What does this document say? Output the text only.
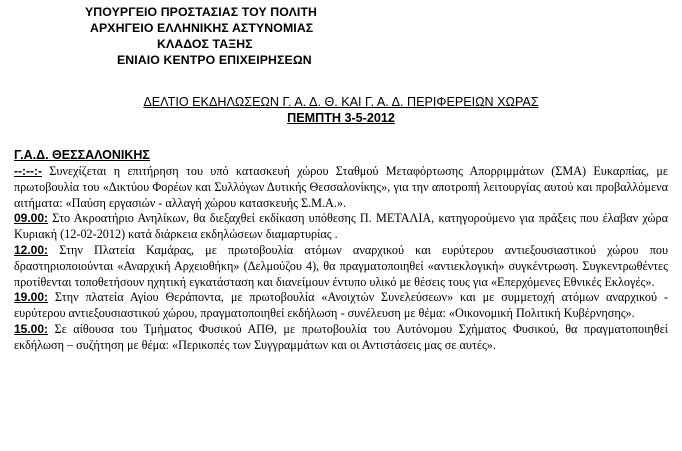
ΥΠΟΥΡΓΕΙΟ ΠΡΟΣΤΑΣΙΑΣ ΤΟΥ ΠΟΛΙΤΗ
ΑΡΧΗΓΕΙΟ ΕΛΛΗΝΙΚΗΣ ΑΣΤΥΝΟΜΙΑΣ
ΚΛΑΔΟΣ ΤΑΞΗΣ
ΕΝΙΑΙΟ ΚΕΝΤΡΟ ΕΠΙΧΕΙΡΗΣΕΩΝ
ΔΕΛΤΙΟ ΕΚΔΗΛΩΣΕΩΝ Γ. Α. Δ. Θ. ΚΑΙ Γ. Α. Δ. ΠΕΡΙΦΕΡΕΙΩΝ ΧΩΡΑΣ
ΠΕΜΠΤΗ 3-5-2012
Γ.Α.Δ. ΘΕΣΣΑΛΟΝΙΚΗΣ

--:--:- Συνεχίζεται η επιτήρηση του υπό κατασκευή χώρου Σταθμού Μεταφόρτωσης Απορριμμάτων (ΣΜΑ) Ευκαρπίας, με πρωτοβουλία του «Δικτύου Φορέων και Συλλόγων Δυτικής Θεσσαλονίκης», για την αποτροπή λειτουργίας αυτού και προβαλλόμενα αιτήματα: «Παύση εργασιών - αλλαγή χώρου κατασκευής Σ.Μ.Α.».

09.00: Στο Ακροατήριο Ανηλίκων, θα διεξαχθεί εκδίκαση υπόθεσης Π. ΜΕΤΑΛΙΑ, κατηγορούμενο για πράξεις που έλαβαν χώρα Κυριακή (12-02-2012) κατά διάρκεια εκδηλώσεων διαμαρτυρίας .

12.00: Στην Πλατεία Καμάρας, με πρωτοβουλία ατόμων αναρχικού και ευρύτερου αντιεξουσιαστικού χώρου που δραστηριοποιούνται «Αναρχική Αρχειοθήκη» (Δελμούζου 4), θα πραγματοποιηθεί «αντιεκλογική» συγκέντρωση. Συγκεντρωθέντες προτίθενται τοποθετήσουν ηχητική εγκατάσταση και διανείμουν έντυπο υλικό με θέσεις τους για «Επερχόμενες Εθνικές Εκλογές».

19.00: Στην πλατεία Αγίου Θεράποντα, με πρωτοβουλία «Ανοιχτών Συνελεύσεων» και με συμμετοχή ατόμων αναρχικού - ευρύτερου αντιεξουσιαστικού χώρου, πραγματοποιηθεί εκδήλωση - συνέλευση με θέμα: «Οικονομική Πολιτική Κυβέρνησης».

15.00: Σε αίθουσα του Τμήματος Φυσικού ΑΠΘ, με πρωτοβουλία του Αυτόνομου Σχήματος Φυσικού, θα πραγματοποιηθεί εκδήλωση – συζήτηση με θέμα: «Περικοπές των Συγγραμμάτων και οι Αντιστάσεις μας σε αυτές».
